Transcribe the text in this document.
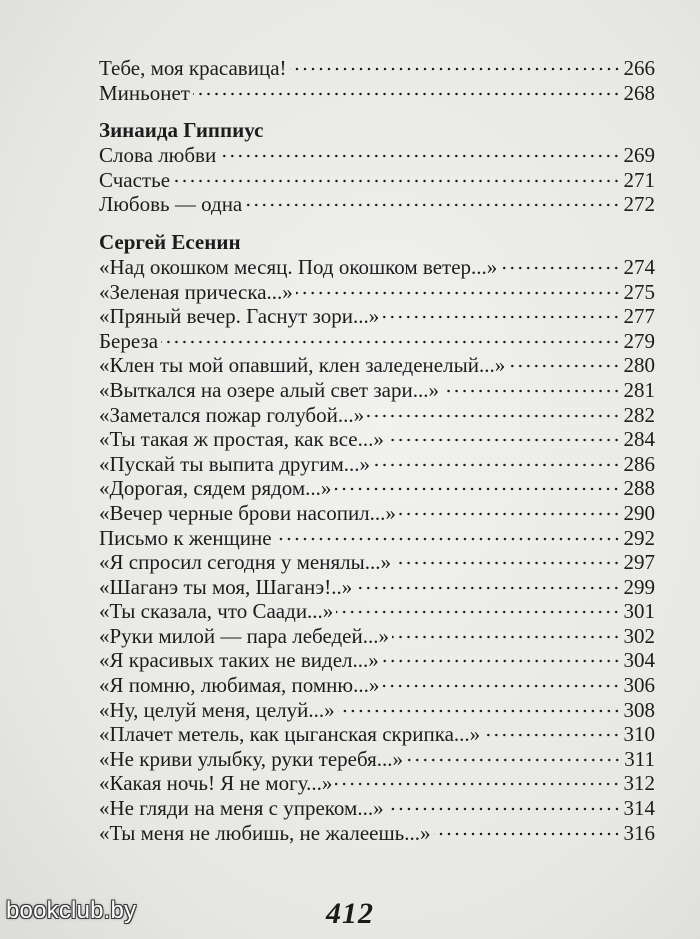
Тебе, моя красавица!	266
Миньонет	268
Зинаида Гиппиус
Слова любви	269
Счастье	271
Любовь — одна	272
Сергей Есенин
«Над окошком месяц. Под окошком ветер...»	274
«Зеленая прическа...»	275
«Пряный вечер. Гаснут зори...»	277
Береза	279
«Клен ты мой опавший, клен заледенелый...»	280
«Выткался на озере алый свет зари...»	281
«Заметался пожар голубой...»	282
«Ты такая ж простая, как все...»	284
«Пускай ты выпита другим...»	286
«Дорогая, сядем рядом...»	288
«Вечер черные брови насопил...»	290
Письмо к женщине	292
«Я спросил сегодня у менялы...»	297
«Шаганэ ты моя, Шаганэ!..»	299
«Ты сказала, что Саади...»	301
«Руки милой — пара лебедей...»	302
«Я красивых таких не видел...»	304
«Я помню, любимая, помню...»	306
«Ну, целуй меня, целуй...»	308
«Плачет метель, как цыганская скрипка...»	310
«Не криви улыбку, руки теребя...»	311
«Какая ночь! Я не могу...»	312
«Не гляди на меня с упреком...»	314
«Ты меня не любишь, не жалеешь...»	316
412
bookclub.by
